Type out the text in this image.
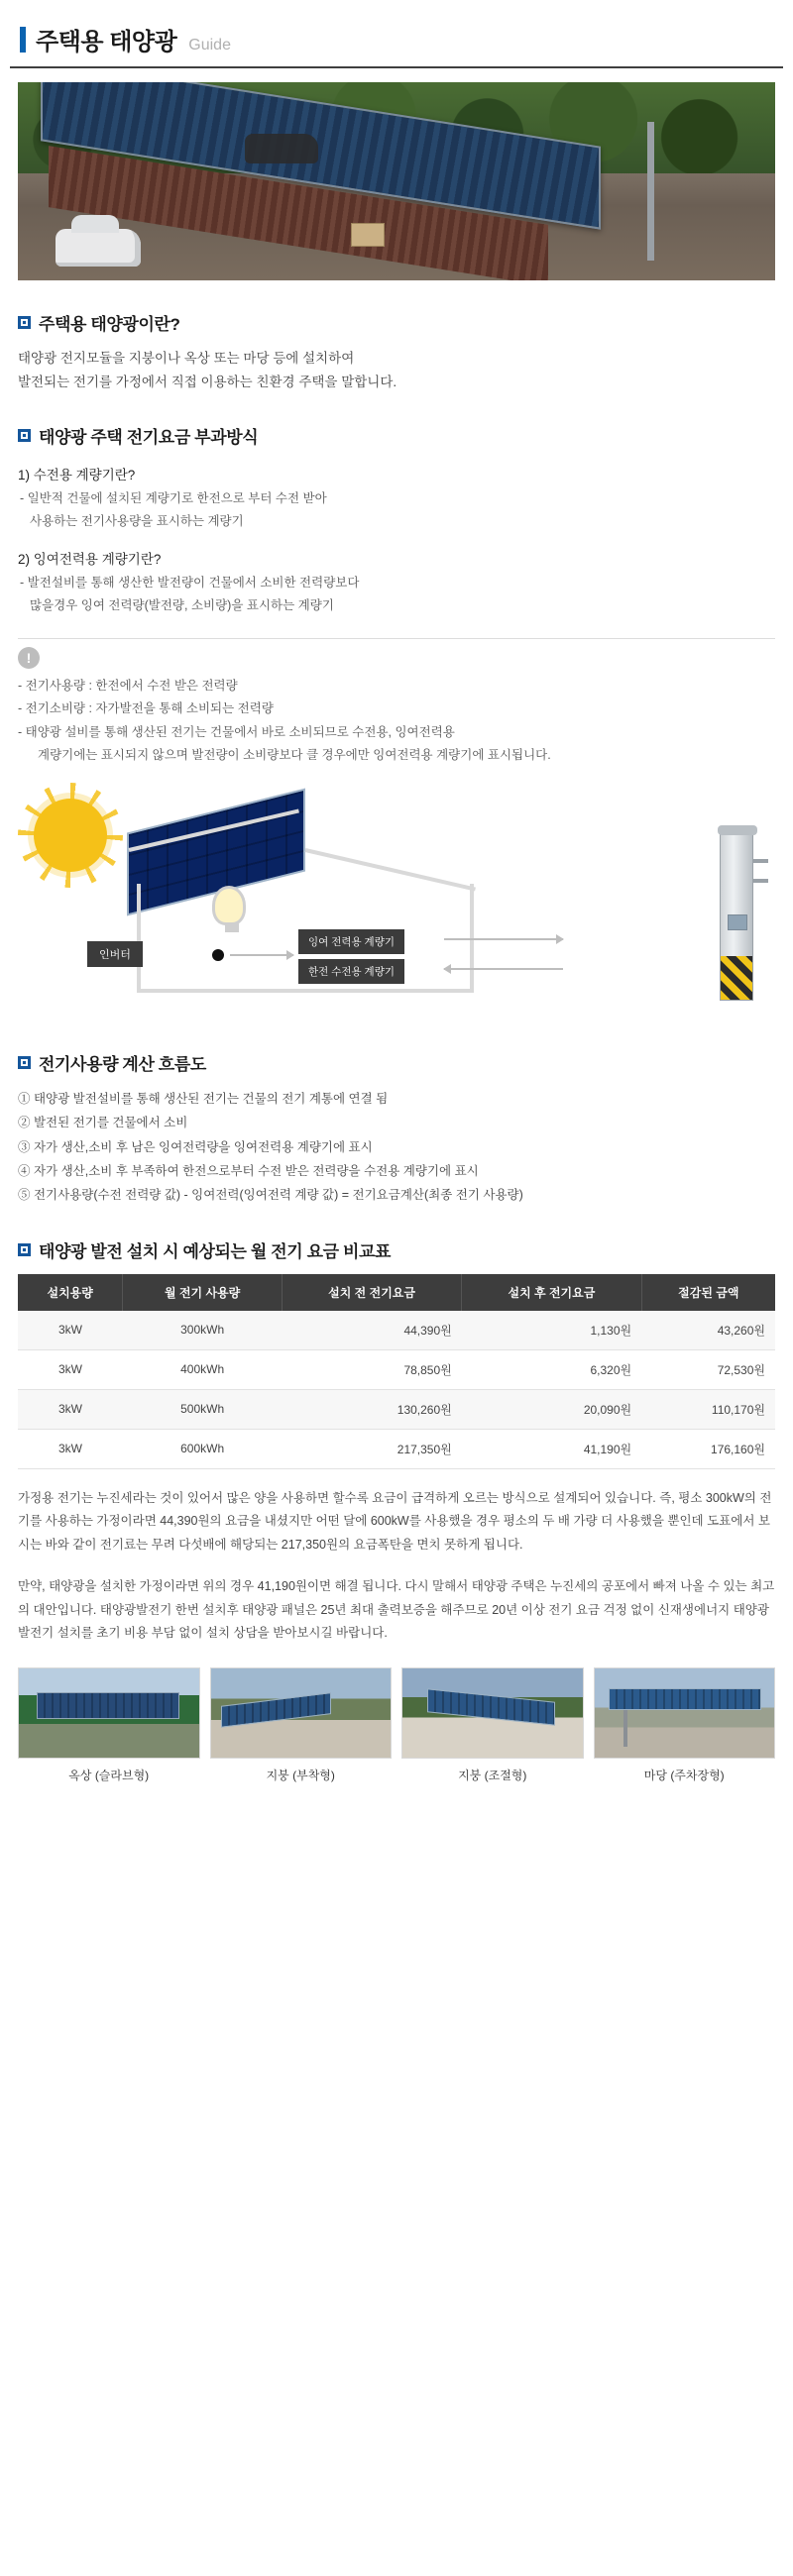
주택용 태양광 Guide
주택용 태양광이란?
태양광 전지모듈을 지붕이나 옥상 또는 마당 등에 설치하여
발전되는 전기를 가정에서 직접 이용하는 친환경 주택을 말합니다.
태양광 주택 전기요금 부과방식
1) 수전용 계량기란?
- 일반적 건물에 설치된 계량기로 한전으로 부터 수전 받아
사용하는 전기사용량을 표시하는 계량기
2) 잉여전력용 계량기란?
- 발전설비를 통해 생산한 발전량이 건물에서 소비한 전력량보다
많을경우 잉여 전력량(발전량, 소비량)을 표시하는 계량기
!
- 전기사용량 : 한전에서 수전 받은 전력량
- 전기소비량 : 자가발전을 통해 소비되는 전력량
- 태양광 설비를 통해 생산된 전기는 건물에서 바로 소비되므로 수전용, 잉여전력용
계량기에는 표시되지 않으며 발전량이 소비량보다 클 경우에만 잉여전력용 계량기에 표시됩니다.
인버터
잉여 전력용 계량기
한전 수전용 계량기
전기사용량 계산 흐름도
① 태양광 발전설비를 통해 생산된 전기는 건물의 전기 계통에 연결 됨
② 발전된 전기를 건물에서 소비
③ 자가 생산,소비 후 남은 잉여전력량을 잉여전력용 계량기에 표시
④ 자가 생산,소비 후 부족하여 한전으로부터 수전 받은 전력량을 수전용 계량기에 표시
⑤ 전기사용량(수전 전력량 값) - 잉여전력(잉여전력 계량 값) = 전기요금계산(최종 전기 사용량)
태양광 발전 설치 시 예상되는 월 전기 요금 비교표
설치용량	월 전기 사용량	설치 전 전기요금	설치 후 전기요금	절감된 금액
3kW	300kWh	44,390원	1,130원	43,260원
3kW	400kWh	78,850원	6,320원	72,530원
3kW	500kWh	130,260원	20,090원	110,170원
3kW	600kWh	217,350원	41,190원	176,160원
가정용 전기는 누진세라는 것이 있어서 많은 양을 사용하면 할수록 요금이 급격하게 오르는 방식으로 설계되어 있습니다. 즉, 평소 300kW의 전기를 사용하는 가정이라면 44,390원의 요금을 내셨지만 어떤 달에 600kW를 사용했을 경우 평소의 두 배 가량 더 사용했을 뿐인데 도표에서 보시는 바와 같이 전기료는 무려 다섯배에 해당되는 217,350원의 요금폭탄을 면치 못하게 됩니다.
만약, 태양광을 설치한 가정이라면 위의 경우 41,190원이면 해결 됩니다. 다시 말해서 태양광 주택은 누진세의 공포에서 빠져 나올 수 있는 최고의 대안입니다. 태양광발전기 한번 설치후 태양광 패널은 25년 최대 출력보증을 해주므로 20년 이상 전기 요금 걱정 없이 신재생에너지 태양광발전기 설치를 초기 비용 부담 없이 설치 상담을 받아보시길 바랍니다.
옥상 (슬라브형)	지붕 (부착형)	지붕 (조절형)	마당 (주차장형)
